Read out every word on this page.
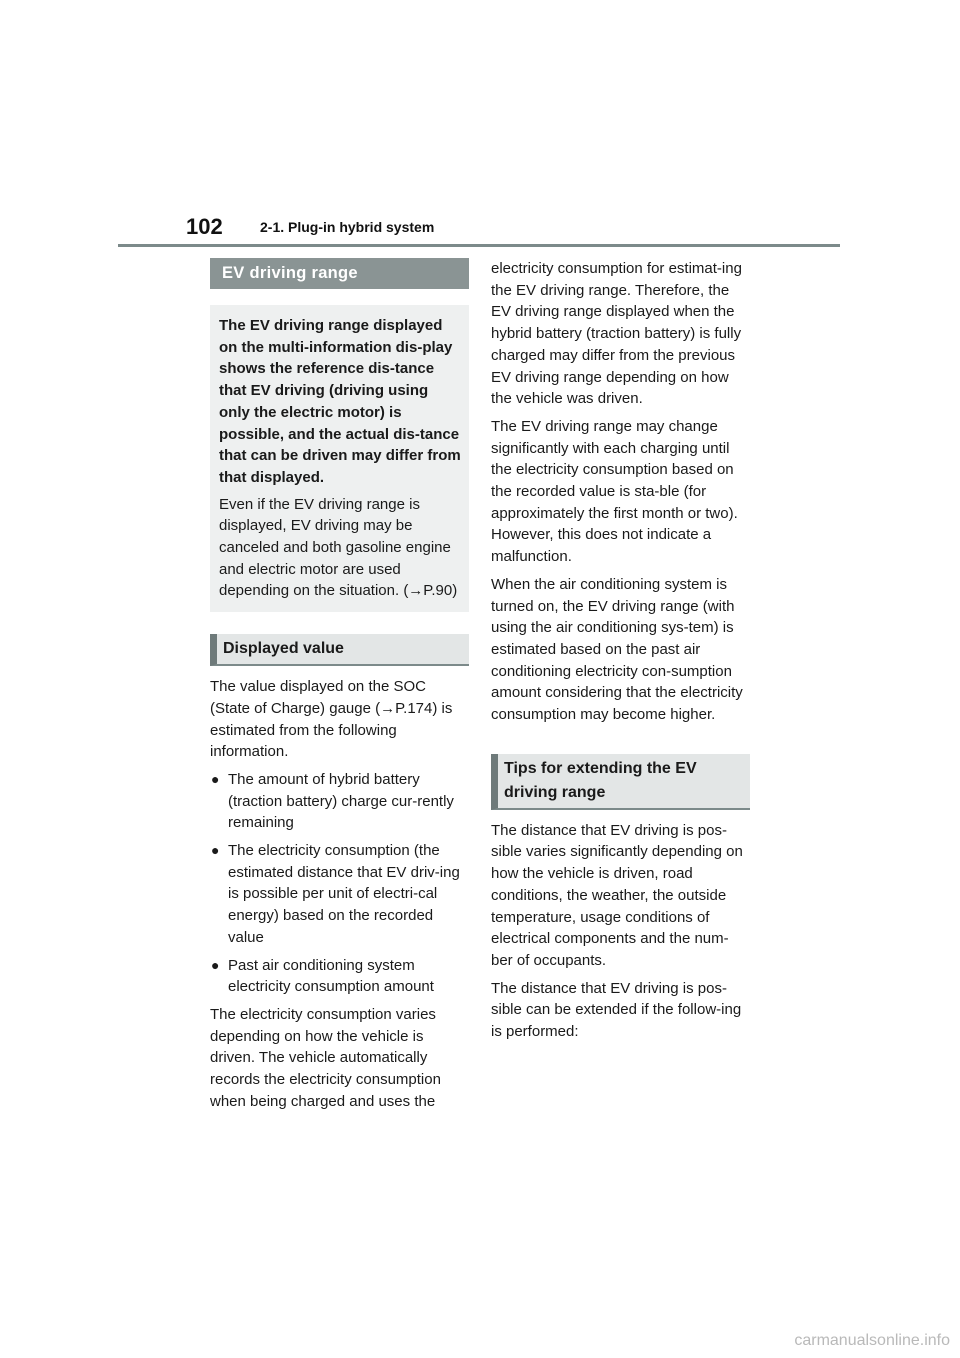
102	2-1. Plug-in hybrid system
EV driving range

The EV driving range displayed on the multi-information dis-play shows the reference dis-tance that EV driving (driving using only the electric motor) is possible, and the actual dis-tance that can be driven may differ from that displayed.

Even if the EV driving range is displayed, EV driving may be canceled and both gasoline engine and electric motor are used depending on the situation. (→P.90)

Displayed value

The value displayed on the SOC (State of Charge) gauge (→P.174) is estimated from the following information.

● The amount of hybrid battery (traction battery) charge cur-rently remaining
● The electricity consumption (the estimated distance that EV driv-ing is possible per unit of electri-cal energy) based on the recorded value
● Past air conditioning system electricity consumption amount

The electricity consumption varies depending on how the vehicle is driven. The vehicle automatically records the electricity consumption when being charged and uses the

electricity consumption for estimat-ing the EV driving range. Therefore, the EV driving range displayed when the hybrid battery (traction battery) is fully charged may differ from the previous EV driving range depending on how the vehicle was driven.

The EV driving range may change significantly with each charging until the electricity consumption based on the recorded value is sta-ble (for approximately the first month or two). However, this does not indicate a malfunction.

When the air conditioning system is turned on, the EV driving range (with using the air conditioning sys-tem) is estimated based on the past air conditioning electricity con-sumption amount considering that the electricity consumption may become higher.

Tips for extending the EV driving range

The distance that EV driving is pos-sible varies significantly depending on how the vehicle is driven, road conditions, the weather, the outside temperature, usage conditions of electrical components and the num-ber of occupants.

The distance that EV driving is pos-sible can be extended if the follow-ing is performed:

carmanualsonline.info
